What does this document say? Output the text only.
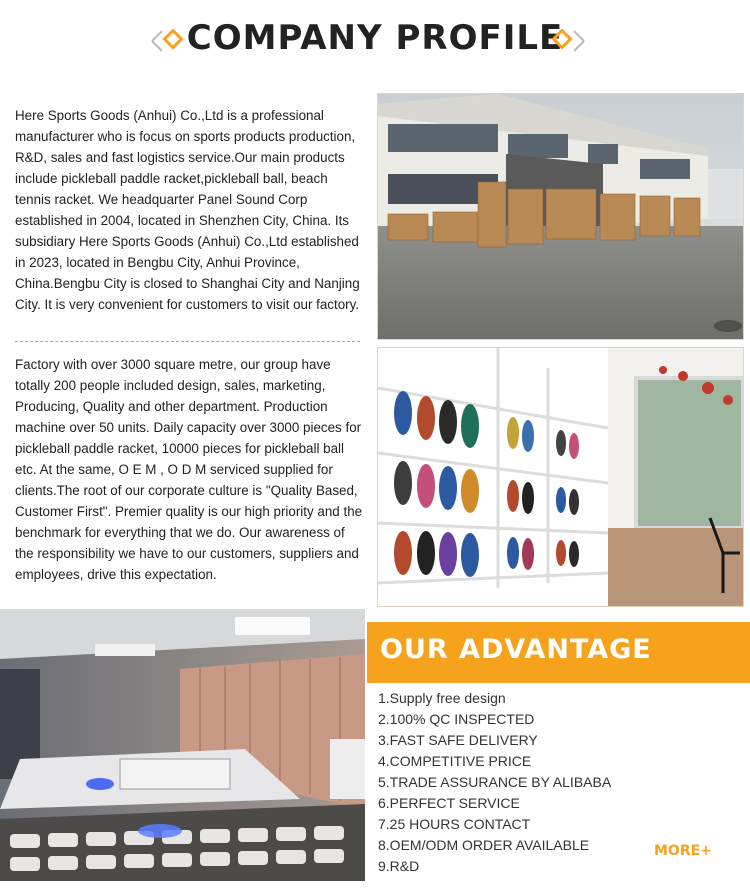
COMPANY PROFILE
Here Sports Goods (Anhui) Co.,Ltd is a professional manufacturer who is focus on sports products production, R&D, sales and fast logistics service.Our main products include pickleball paddle racket,pickleball ball, beach tennis racket. We headquarter Panel Sound Corp established in 2004, located in Shenzhen City, China. Its subsidiary Here Sports Goods (Anhui) Co.,Ltd established in 2023, located in Bengbu City, Anhui Province, China.Bengbu City is closed to Shanghai City and Nanjing City. It is very convenient for customers to visit our factory.
Factory with over 3000 square metre, our group have totally 200 people included design, sales, marketing, Producing, Quality and other department. Production machine over 50 units. Daily capacity over 3000 pieces for pickleball paddle racket, 10000 pieces for pickleball ball etc. At the same, O E M , O D M serviced supplied for clients.The root of our corporate culture is "Quality Based, Customer First". Premier quality is our high priority and the benchmark for everything that we do. Our awareness of the responsibility we have to our customers, suppliers and employees, drive this expectation.
OUR ADVANTAGE
1.Supply free design
2.100% QC INSPECTED
3.FAST SAFE DELIVERY
4.COMPETITIVE PRICE
5.TRADE ASSURANCE BY ALIBABA
6.PERFECT SERVICE
7.25 HOURS CONTACT
8.OEM/ODM ORDER AVAILABLE
9.R&D
MORE+
